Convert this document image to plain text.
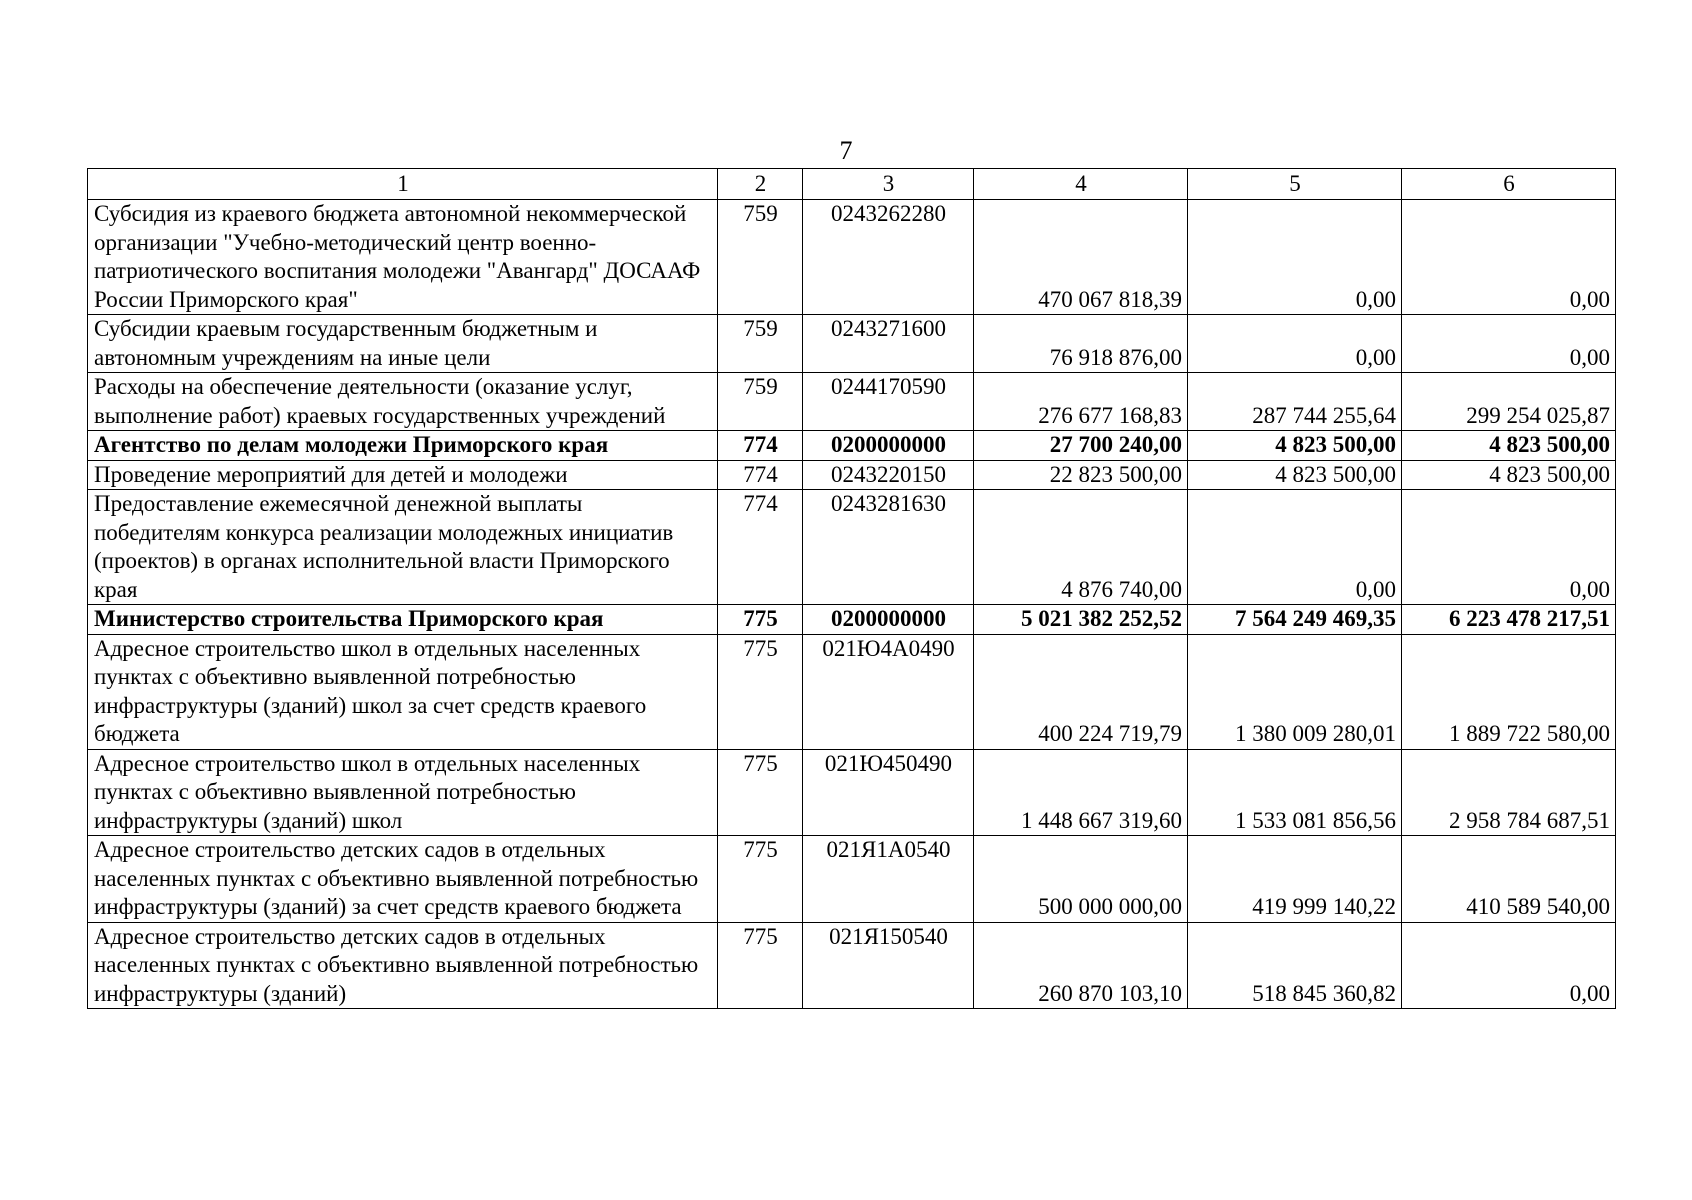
7
1	2	3	4	5	6
Субсидия из краевого бюджета автономной некоммерческой организации "Учебно-методический центр военно-патриотического воспитания молодежи "Авангард" ДОСААФ России Приморского края"	759	0243262280	470 067 818,39	0,00	0,00
Субсидии краевым государственным бюджетным и автономным учреждениям на иные цели	759	0243271600	76 918 876,00	0,00	0,00
Расходы на обеспечение деятельности (оказание услуг, выполнение работ) краевых государственных учреждений	759	0244170590	276 677 168,83	287 744 255,64	299 254 025,87
Агентство по делам молодежи Приморского края	774	0200000000	27 700 240,00	4 823 500,00	4 823 500,00
Проведение мероприятий для детей и молодежи	774	0243220150	22 823 500,00	4 823 500,00	4 823 500,00
Предоставление ежемесячной денежной выплаты победителям конкурса реализации молодежных инициатив (проектов) в органах исполнительной власти Приморского края	774	0243281630	4 876 740,00	0,00	0,00
Министерство строительства Приморского края	775	0200000000	5 021 382 252,52	7 564 249 469,35	6 223 478 217,51
Адресное строительство школ в отдельных населенных пунктах с объективно выявленной потребностью инфраструктуры (зданий) школ за счет средств краевого бюджета	775	021Ю4А0490	400 224 719,79	1 380 009 280,01	1 889 722 580,00
Адресное строительство школ в отдельных населенных пунктах с объективно выявленной потребностью инфраструктуры (зданий) школ	775	021Ю450490	1 448 667 319,60	1 533 081 856,56	2 958 784 687,51
Адресное строительство детских садов в отдельных населенных пунктах с объективно выявленной потребностью инфраструктуры (зданий) за счет средств краевого бюджета	775	021Я1А0540	500 000 000,00	419 999 140,22	410 589 540,00
Адресное строительство детских садов в отдельных населенных пунктах с объективно выявленной потребностью инфраструктуры (зданий)	775	021Я150540	260 870 103,10	518 845 360,82	0,00
